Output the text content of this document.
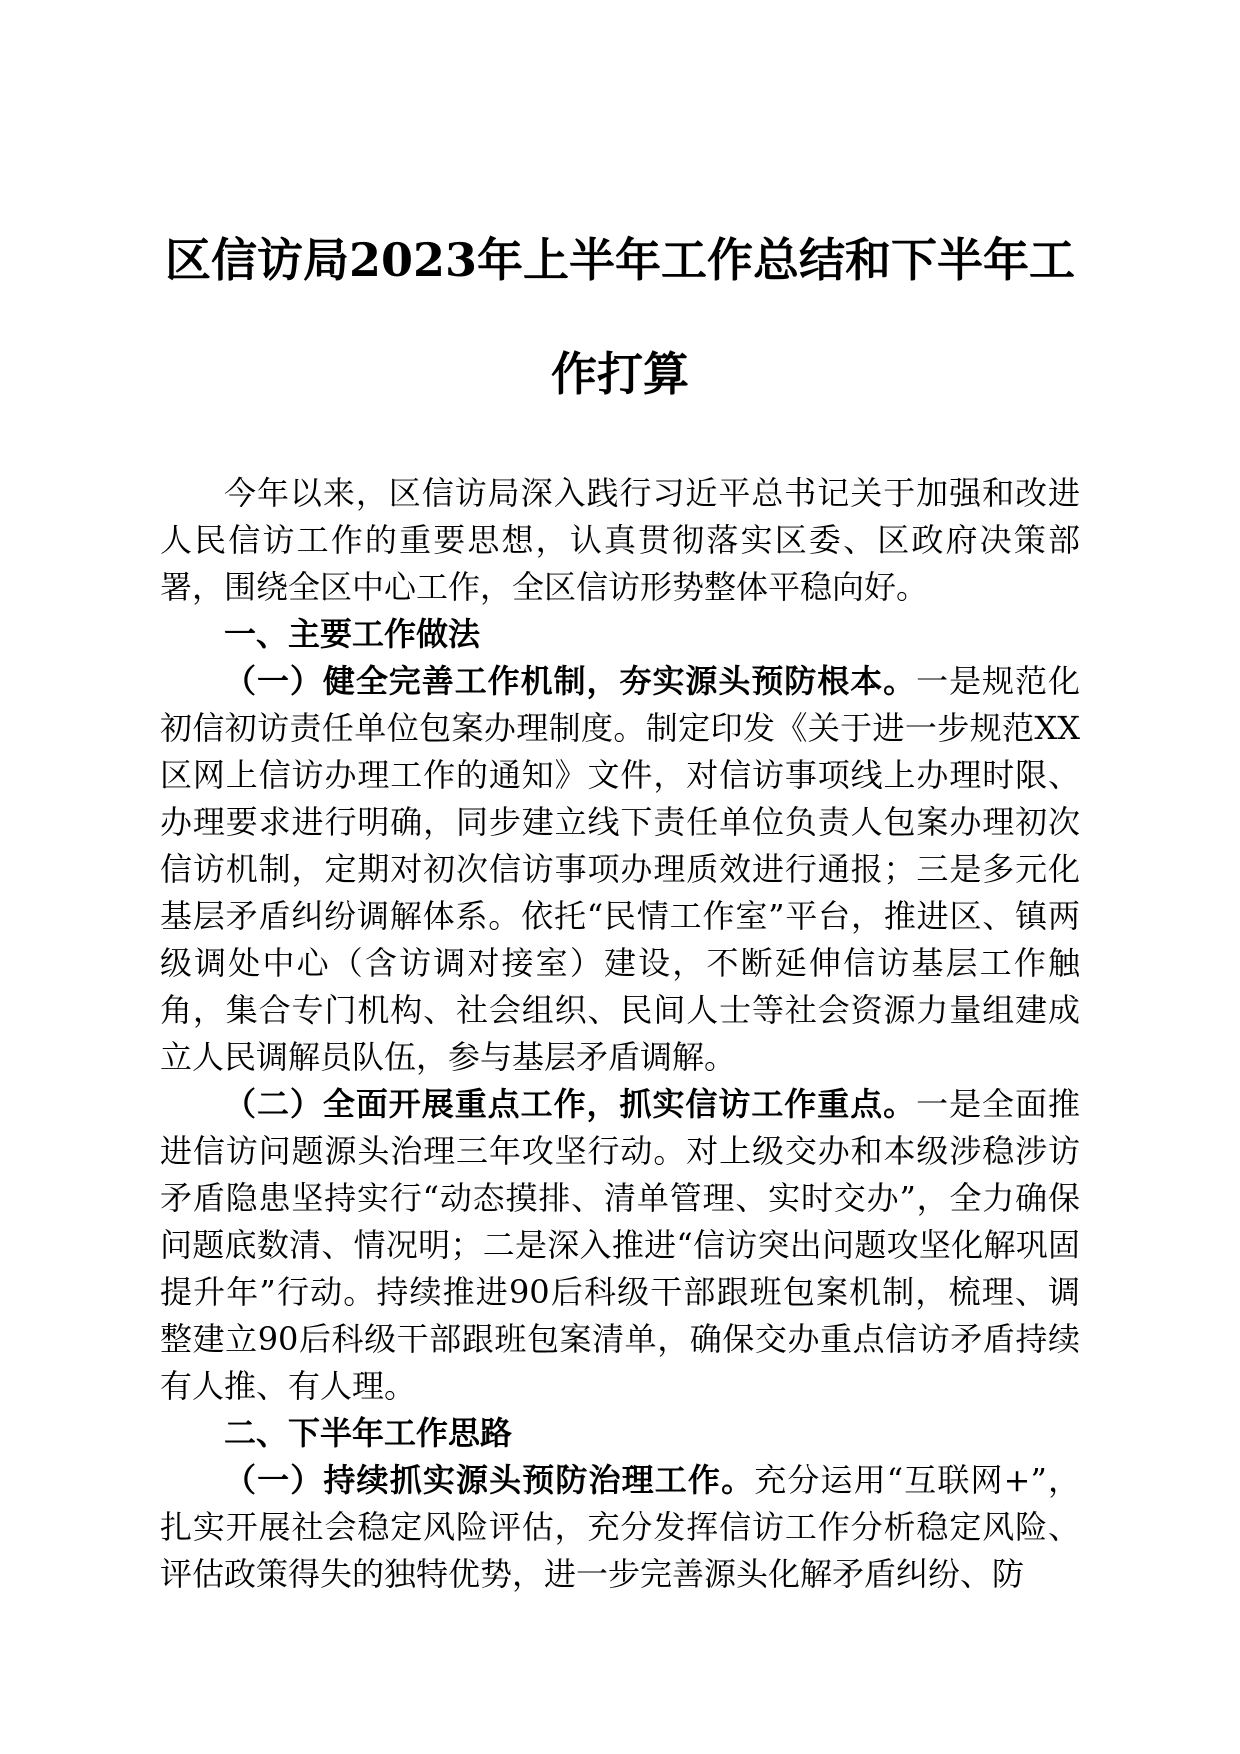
区信访局2023年上半年工作总结和下半年工
作打算

今年以来，区信访局深入践行习近平总书记关于加强和改进人民信访工作的重要思想，认真贯彻落实区委、区政府决策部署，围绕全区中心工作，全区信访形势整体平稳向好。

一、主要工作做法

（一）健全完善工作机制，夯实源头预防根本。一是规范化初信初访责任单位包案办理制度。制定印发《关于进一步规范XX区网上信访办理工作的通知》文件，对信访事项线上办理时限、办理要求进行明确，同步建立线下责任单位负责人包案办理初次信访机制，定期对初次信访事项办理质效进行通报；三是多元化基层矛盾纠纷调解体系。依托“民情工作室”平台，推进区、镇两级调处中心（含访调对接室）建设，不断延伸信访基层工作触角，集合专门机构、社会组织、民间人士等社会资源力量组建成立人民调解员队伍，参与基层矛盾调解。

（二）全面开展重点工作，抓实信访工作重点。一是全面推进信访问题源头治理三年攻坚行动。对上级交办和本级涉稳涉访矛盾隐患坚持实行“动态摸排、清单管理、实时交办”，全力确保问题底数清、情况明；二是深入推进“信访突出问题攻坚化解巩固提升年”行动。持续推进90后科级干部跟班包案机制，梳理、调整建立90后科级干部跟班包案清单，确保交办重点信访矛盾持续有人推、有人理。

二、下半年工作思路

（一）持续抓实源头预防治理工作。充分运用“互联网+”，扎实开展社会稳定风险评估，充分发挥信访工作分析稳定风险、评估政策得失的独特优势，进一步完善源头化解矛盾纠纷、防
